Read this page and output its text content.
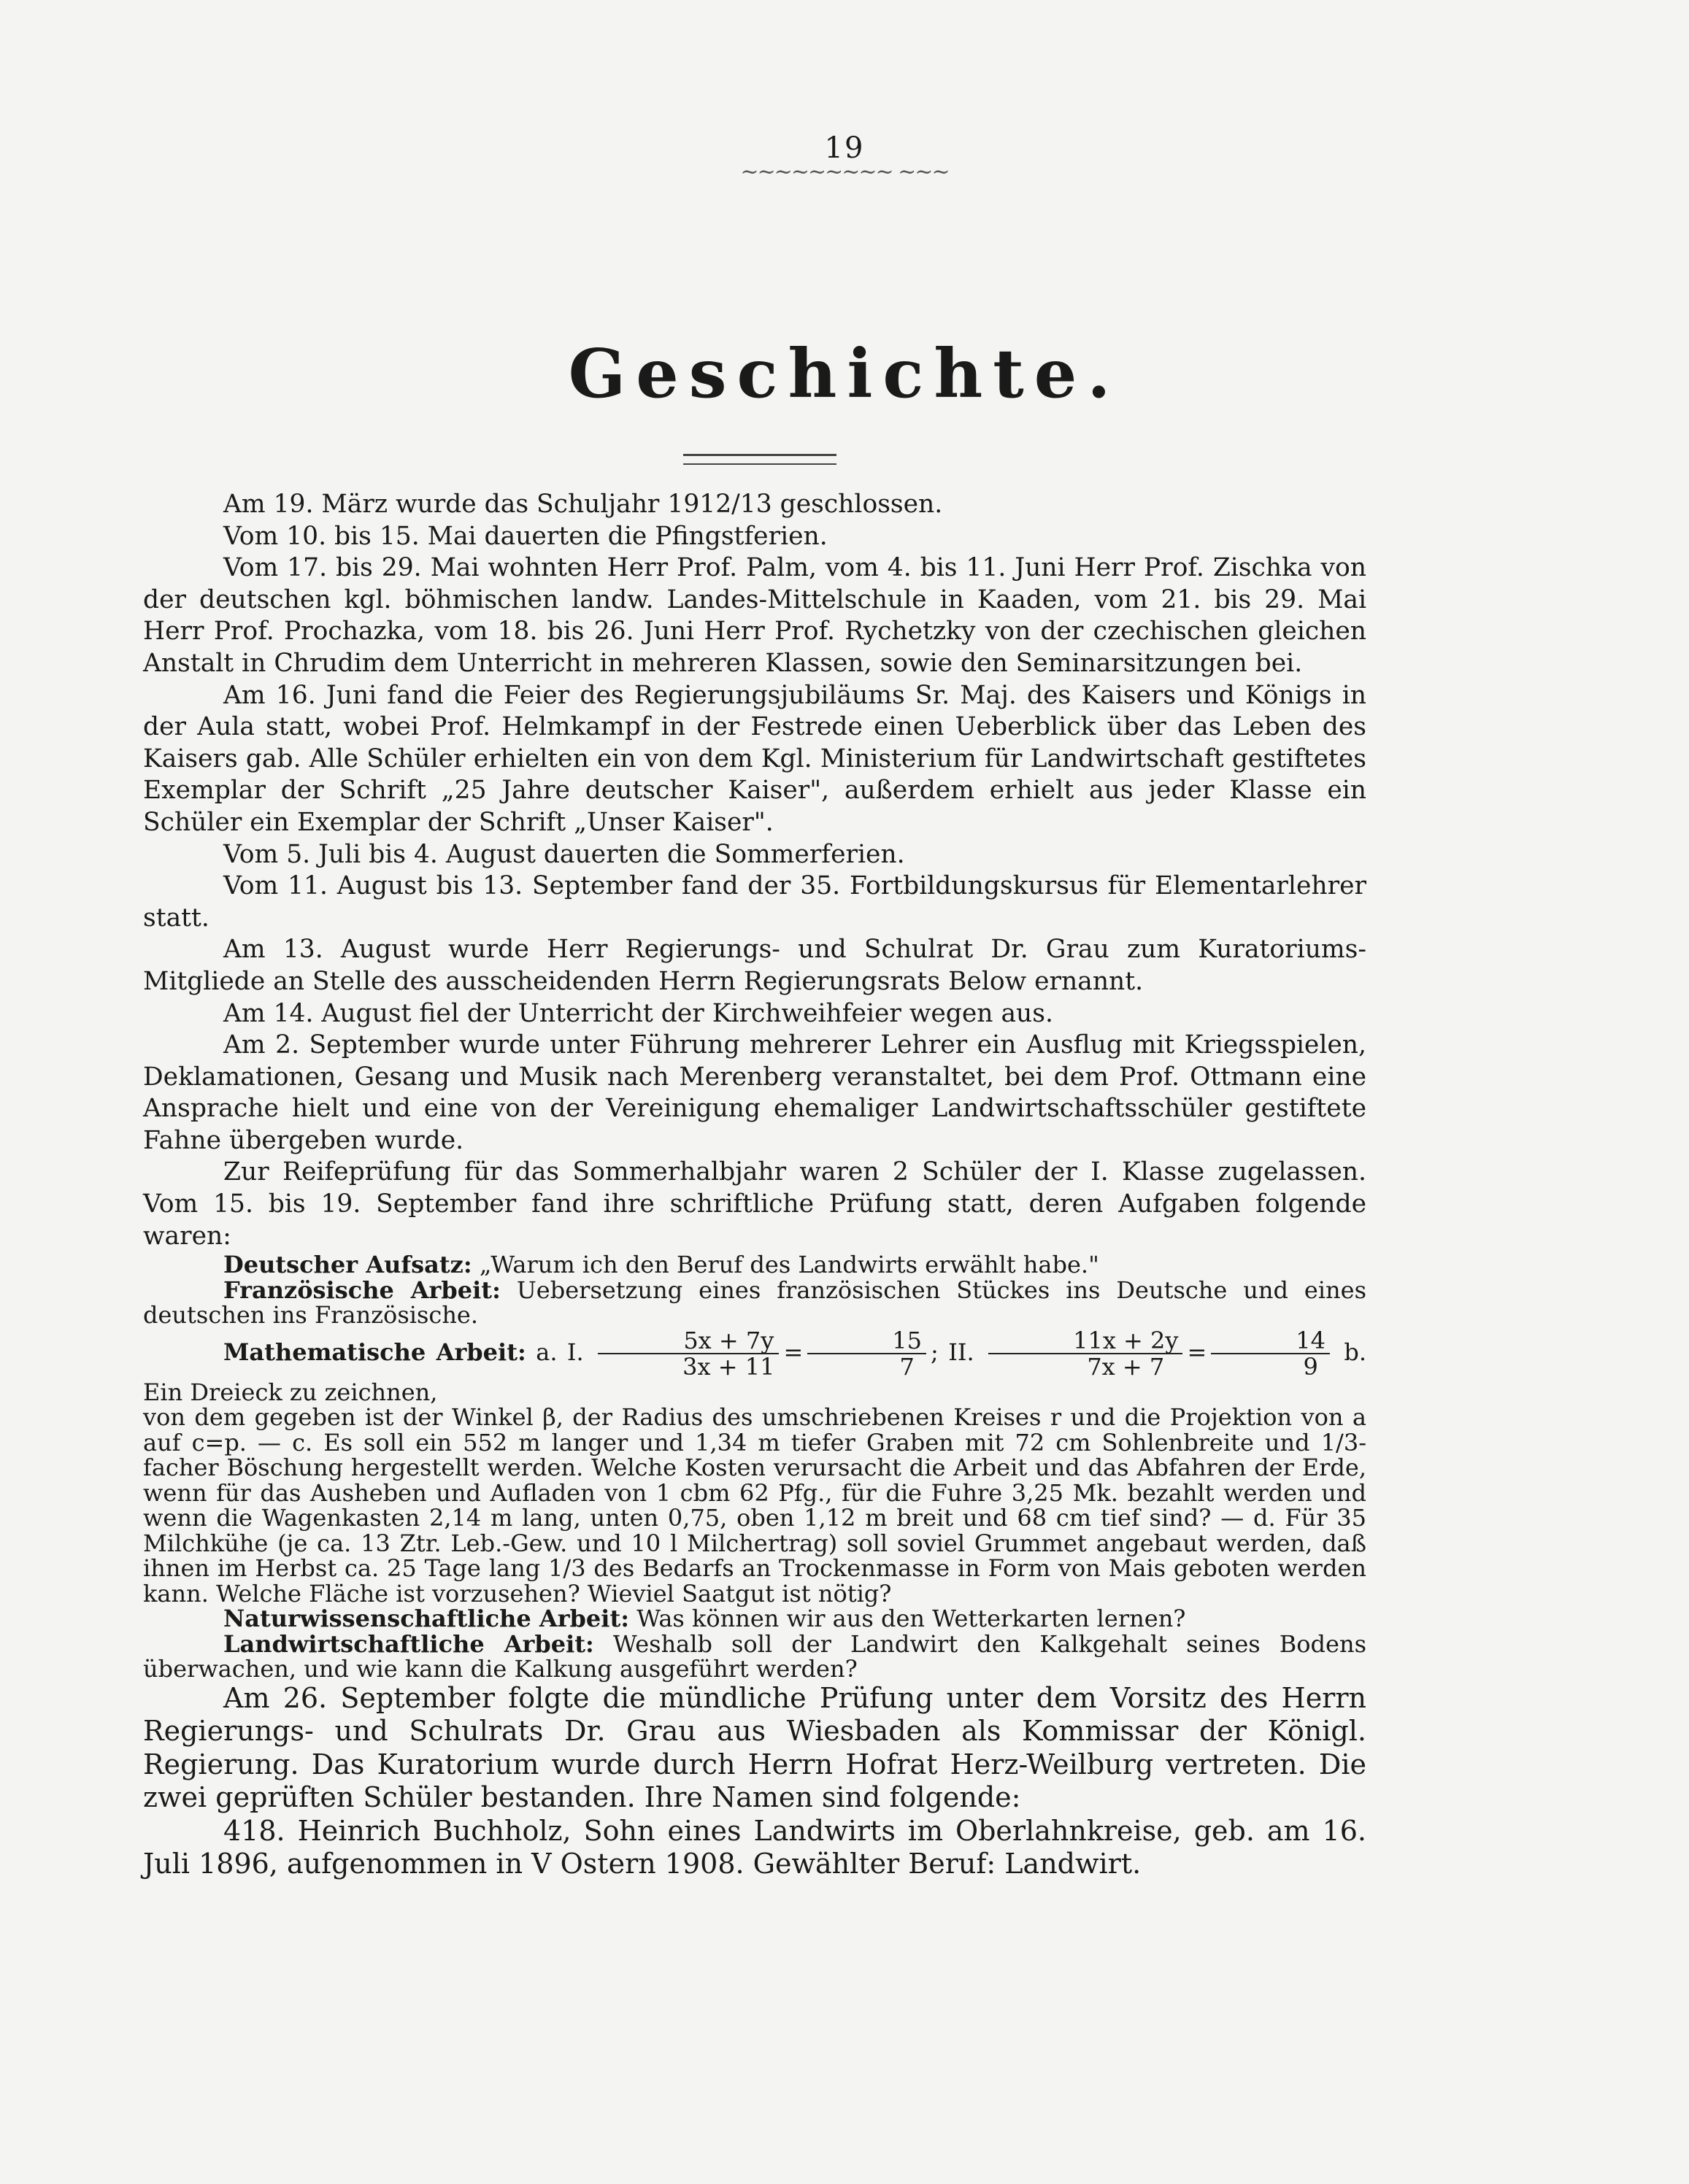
19
~~~~~~~~~ ~~~
Geschichte.

Am 19. März wurde das Schuljahr 1912/13 geschlossen.

Vom 10. bis 15. Mai dauerten die Pfingstferien.

Vom 17. bis 29. Mai wohnten Herr Prof. Palm, vom 4. bis 11. Juni Herr Prof. Zischka von der deutschen kgl. böhmischen landw. Landes-Mittelschule in Kaaden, vom 21. bis 29. Mai Herr Prof. Prochazka, vom 18. bis 26. Juni Herr Prof. Rychetzky von der czechischen gleichen Anstalt in Chrudim dem Unterricht in mehreren Klassen, sowie den Seminarsitzungen bei.

Am 16. Juni fand die Feier des Regierungsjubiläums Sr. Maj. des Kaisers und Königs in der Aula statt, wobei Prof. Helmkampf in der Festrede einen Ueberblick über das Leben des Kaisers gab. Alle Schüler erhielten ein von dem Kgl. Ministerium für Landwirtschaft gestiftetes Exemplar der Schrift „25 Jahre deutscher Kaiser", außerdem erhielt aus jeder Klasse ein Schüler ein Exemplar der Schrift „Unser Kaiser".

Vom 5. Juli bis 4. August dauerten die Sommerferien.

Vom 11. August bis 13. September fand der 35. Fortbildungskursus für Elementarlehrer statt.

Am 13. August wurde Herr Regierungs- und Schulrat Dr. Grau zum Kuratoriums-Mitgliede an Stelle des ausscheidenden Herrn Regierungsrats Below ernannt.

Am 14. August fiel der Unterricht der Kirchweihfeier wegen aus.

Am 2. September wurde unter Führung mehrerer Lehrer ein Ausflug mit Kriegsspielen, Deklamationen, Gesang und Musik nach Merenberg veranstaltet, bei dem Prof. Ottmann eine Ansprache hielt und eine von der Vereinigung ehemaliger Landwirtschaftsschüler gestiftete Fahne übergeben wurde.

Zur Reifeprüfung für das Sommerhalbjahr waren 2 Schüler der I. Klasse zugelassen. Vom 15. bis 19. September fand ihre schriftliche Prüfung statt, deren Aufgaben folgende waren:

Deutscher Aufsatz: „Warum ich den Beruf des Landwirts erwählt habe."

Französische Arbeit: Uebersetzung eines französischen Stückes ins Deutsche und eines deutschen ins Französische.

Mathematische Arbeit: a. I. $\frac{5x + 7y}{3x + 11} = \frac{15}{7}$ ; II. $\frac{11x + 2y}{7x + 7} = \frac{14}{9} b$. Ein Dreieck zu zeichnen,

von dem gegeben ist der Winkel β, der Radius des umschriebenen Kreises r und die Projektion von a auf c=p. — c. Es soll ein 552 m langer und 1,34 m tiefer Graben mit 72 cm Sohlenbreite und 1/3-facher Böschung hergestellt werden. Welche Kosten verursacht die Arbeit und das Abfahren der Erde, wenn für das Ausheben und Aufladen von 1 cbm 62 Pfg., für die Fuhre 3,25 Mk. bezahlt werden und wenn die Wagenkasten 2,14 m lang, unten 0,75, oben 1,12 m breit und 68 cm tief sind? — d. Für 35 Milchkühe (je ca. 13 Ztr. Leb.-Gew. und 10 l Milchertrag) soll soviel Grummet angebaut werden, daß ihnen im Herbst ca. 25 Tage lang 1/3 des Bedarfs an Trockenmasse in Form von Mais geboten werden kann. Welche Fläche ist vorzusehen? Wieviel Saatgut ist nötig?

Naturwissenschaftliche Arbeit: Was können wir aus den Wetterkarten lernen?

Landwirtschaftliche Arbeit: Weshalb soll der Landwirt den Kalkgehalt seines Bodens überwachen, und wie kann die Kalkung ausgeführt werden?

Am 26. September folgte die mündliche Prüfung unter dem Vorsitz des Herrn Regierungs- und Schulrats Dr. Grau aus Wiesbaden als Kommissar der Königl. Regierung. Das Kuratorium wurde durch Herrn Hofrat Herz-Weilburg vertreten. Die zwei geprüften Schüler bestanden. Ihre Namen sind folgende:

418. Heinrich Buchholz, Sohn eines Landwirts im Oberlahnkreise, geb. am 16. Juli 1896, aufgenommen in V Ostern 1908. Gewählter Beruf: Landwirt.
